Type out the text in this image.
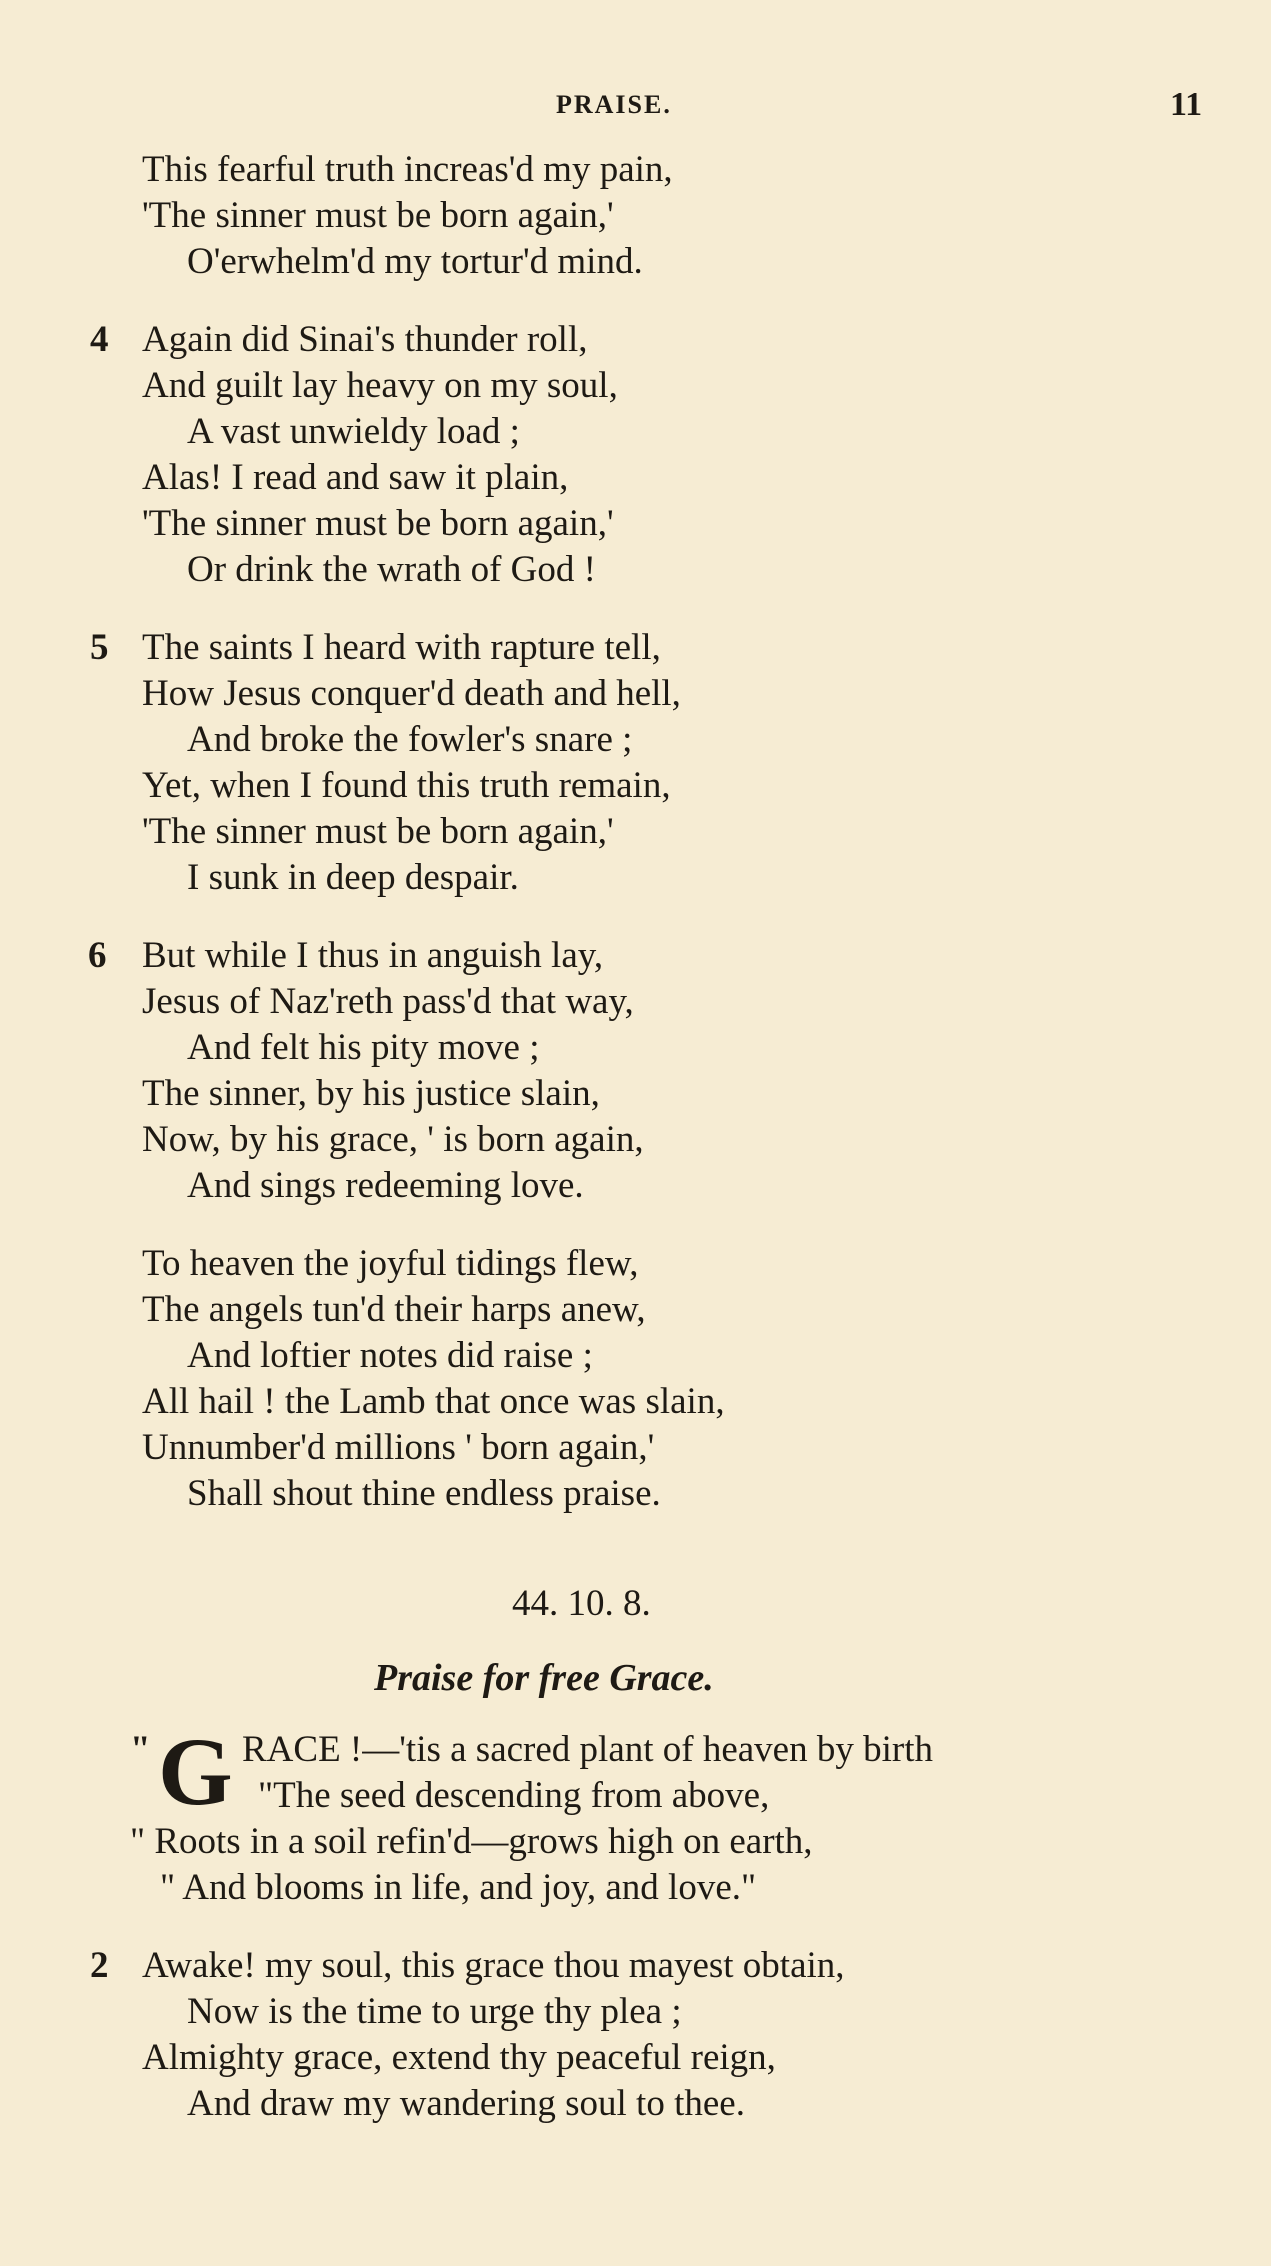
PRAISE.	11
This fearful truth increas'd my pain,
'The sinner must be born again,'
O'erwhelm'd my tortur'd mind.
4 Again did Sinai's thunder roll,
And guilt lay heavy on my soul,
A vast unwieldy load ;
Alas! I read and saw it plain,
'The sinner must be born again,'
Or drink the wrath of God !
5 The saints I heard with rapture tell,
How Jesus conquer'd death and hell,
And broke the fowler's snare ;
Yet, when I found this truth remain,
'The sinner must be born again,'
I sunk in deep despair.
6 But while I thus in anguish lay,
Jesus of Naz'reth pass'd that way,
And felt his pity move ;
The sinner, by his justice slain,
Now, by his grace, ' is born again,
And sings redeeming love.
To heaven the joyful tidings flew,
The angels tun'd their harps anew,
And loftier notes did raise ;
All hail ! the Lamb that once was slain,
Unnumber'd millions ' born again,'
Shall shout thine endless praise.
44. 10. 8.
Praise for free Grace.
" G RACE !—'tis a sacred plant of heaven by birth
"The seed descending from above,
" Roots in a soil refin'd—grows high on earth,
" And blooms in life, and joy, and love."
2 Awake! my soul, this grace thou mayest obtain,
Now is the time to urge thy plea ;
Almighty grace, extend thy peaceful reign,
And draw my wandering soul to thee.
